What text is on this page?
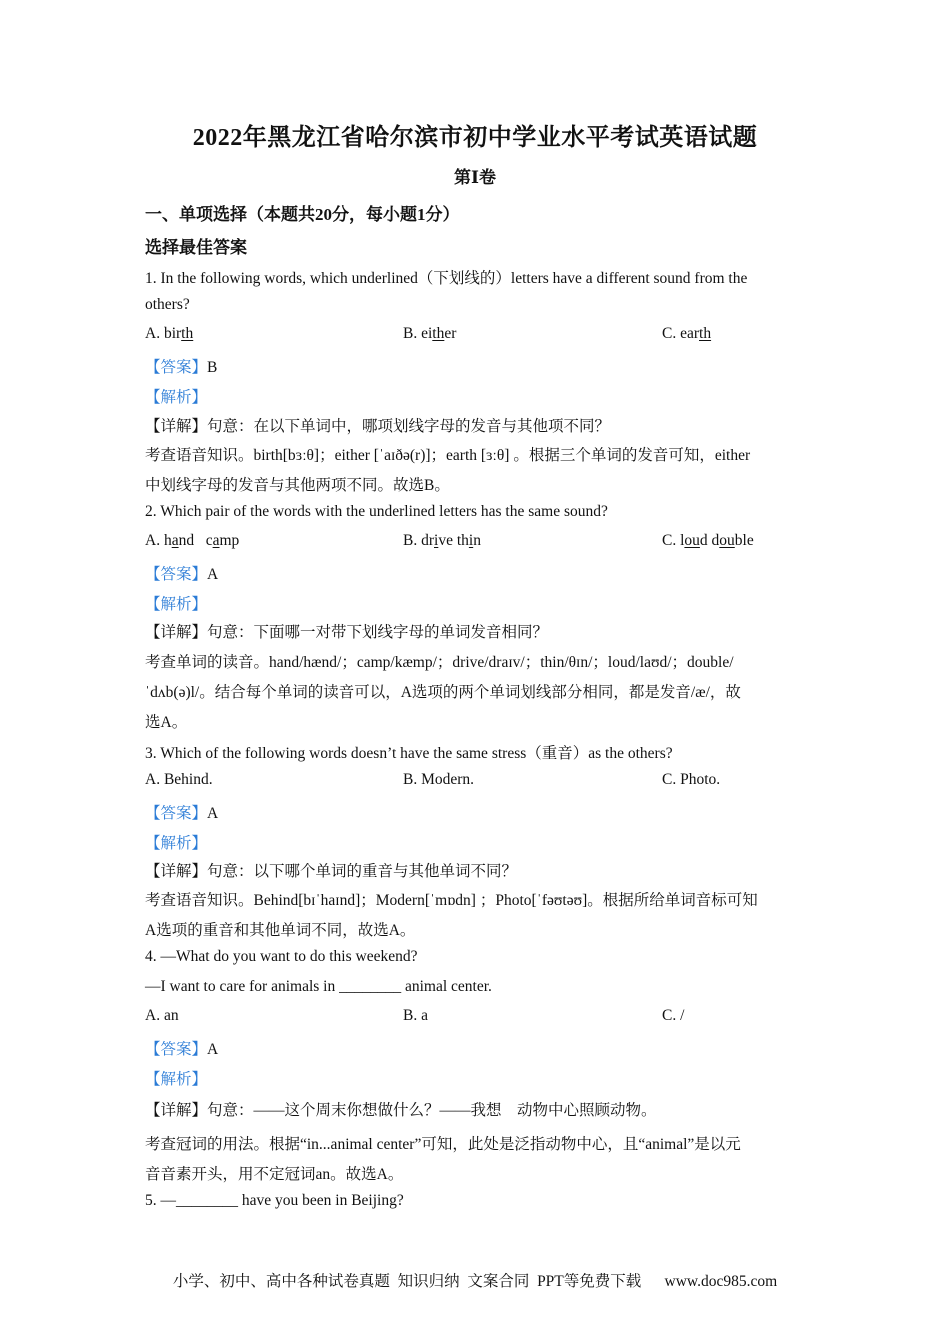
2022年黑龙江省哈尔滨市初中学业水平考试英语试题
第Ⅰ卷
一、单项选择（本题共20分，每小题1分）
选择最佳答案
1. In the following words, which underlined（下划线的）letters have a different sound from the
others?
A. birth	B. either	C. earth
【答案】B
【解析】
【详解】句意：在以下单词中，哪项划线字母的发音与其他项不同？
考查语音知识。birth[bɜːθ]；either [ˈaɪðə(r)]；earth [ɜːθ] 。根据三个单词的发音可知，either
中划线字母的发音与其他两项不同。故选B。
2. Which pair of the words with the underlined letters has the same sound?
A. hand   camp	B. drive thin	C. loud double
【答案】A
【解析】
【详解】句意：下面哪一对带下划线字母的单词发音相同？
考查单词的读音。hand/hænd/；camp/kæmp/；drive/draɪv/；thin/θɪn/；loud/laʊd/；double/
ˈdʌb(ə)l/。结合每个单词的读音可以，A选项的两个单词划线部分相同，都是发音/æ/，故
选A。
3. Which of the following words doesn’t have the same stress（重音）as the others?
A. Behind.	B. Modern.	C. Photo.
【答案】A
【解析】
【详解】句意：以下哪个单词的重音与其他单词不同？
考查语音知识。Behind[bɪˈhaɪnd]；Modern[ˈmɒdn] ；Photo[ˈfəʊtəʊ]。根据所给单词音标可知
A选项的重音和其他单词不同，故选A。
4. —What do you want to do this weekend?
—I want to care for animals in ________ animal center.
A. an	B. a	C. /
【答案】A
【解析】
【详解】句意：——这个周末你想做什么？——我想    动物中心照顾动物。
考查冠词的用法。根据“in...animal center”可知，此处是泛指动物中心，且“animal”是以元
音音素开头，用不定冠词an。故选A。
5. —________ have you been in Beijing?
小学、初中、高中各种试卷真题  知识归纳  文案合同  PPT等免费下载      www.doc985.com
